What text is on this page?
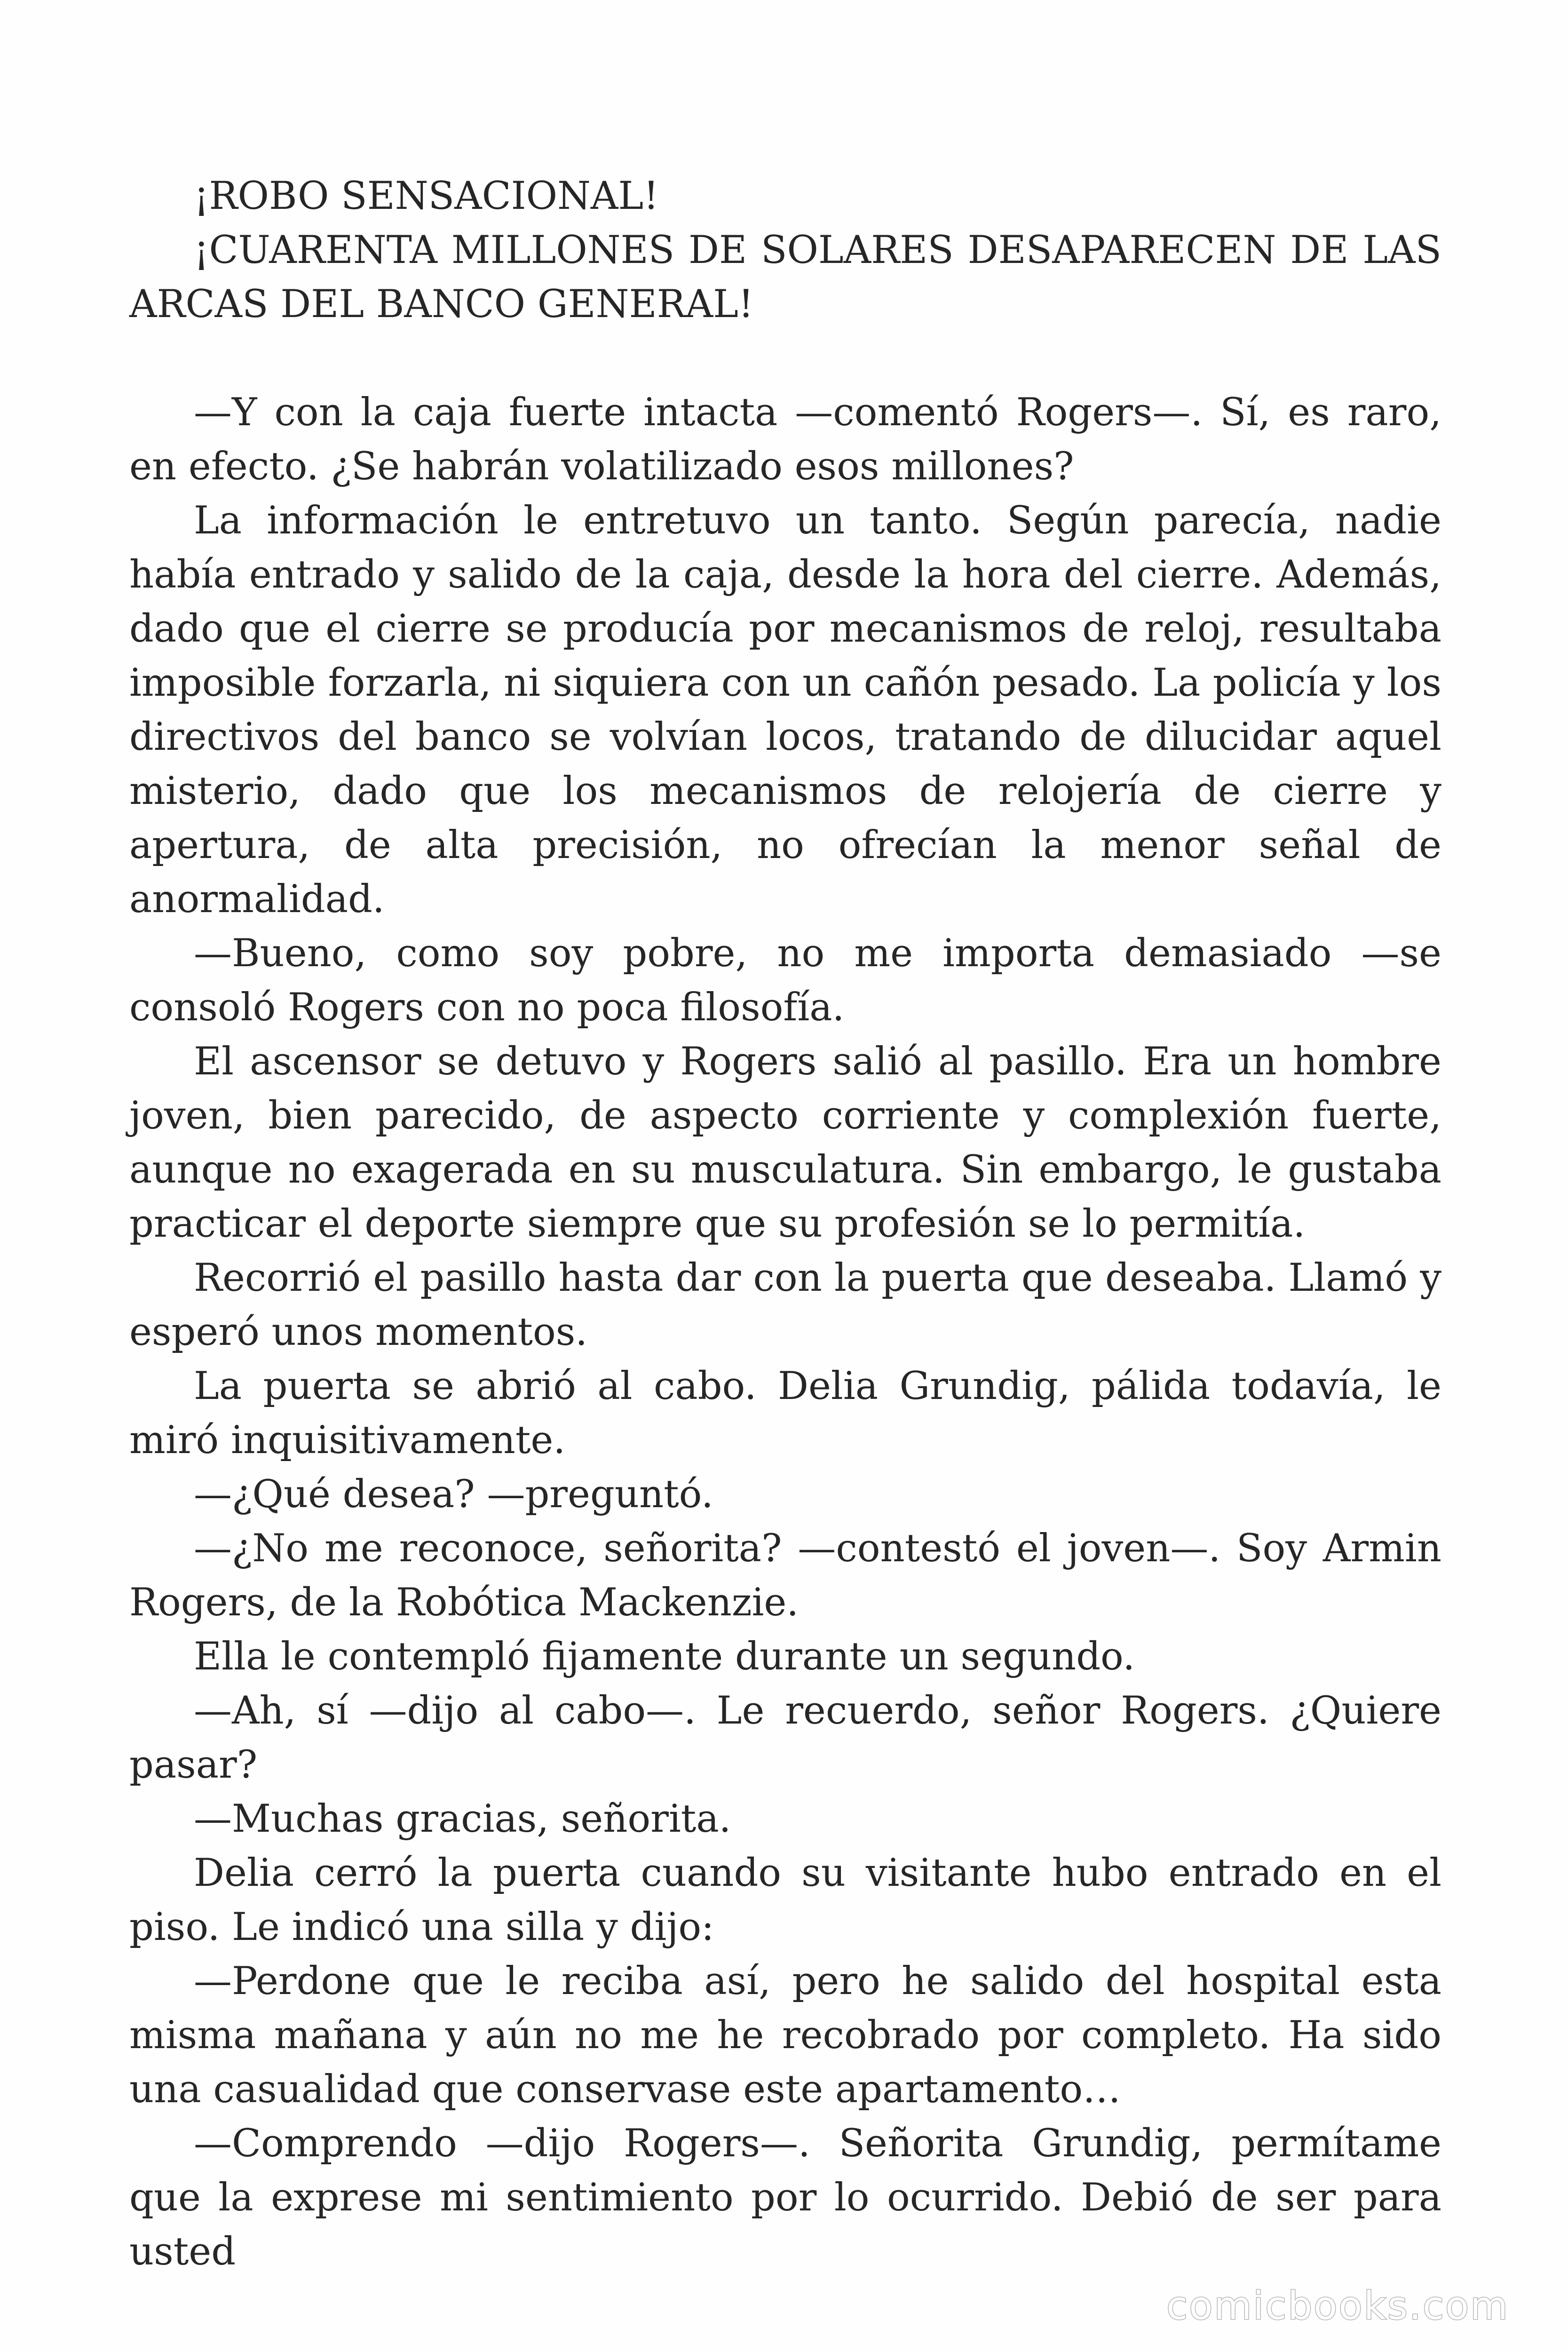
¡ROBO SENSACIONAL!

¡CUARENTA MILLONES DE SOLARES DESAPARECEN DE LAS ARCAS DEL BANCO GENERAL!

—Y con la caja fuerte intacta —comentó Rogers—. Sí, es raro, en efecto. ¿Se habrán volatilizado esos millones?

La información le entretuvo un tanto. Según parecía, nadie había entrado y salido de la caja, desde la hora del cierre. Además, dado que el cierre se producía por mecanismos de reloj, resultaba imposible forzarla, ni siquiera con un cañón pesado. La policía y los directivos del banco se volvían locos, tratando de dilucidar aquel misterio, dado que los mecanismos de relojería de cierre y apertura, de alta precisión, no ofrecían la menor señal de anormalidad.

—Bueno, como soy pobre, no me importa demasiado —se consoló Rogers con no poca filosofía.

El ascensor se detuvo y Rogers salió al pasillo. Era un hombre joven, bien parecido, de aspecto corriente y complexión fuerte, aunque no exagerada en su musculatura. Sin embargo, le gustaba practicar el deporte siempre que su profesión se lo permitía.

Recorrió el pasillo hasta dar con la puerta que deseaba. Llamó y esperó unos momentos.

La puerta se abrió al cabo. Delia Grundig, pálida todavía, le miró inquisitivamente.

—¿Qué desea? —preguntó.

—¿No me reconoce, señorita? —contestó el joven—. Soy Armin Rogers, de la Robótica Mackenzie.

Ella le contempló fijamente durante un segundo.

—Ah, sí —dijo al cabo—. Le recuerdo, señor Rogers. ¿Quiere pasar?

—Muchas gracias, señorita.

Delia cerró la puerta cuando su visitante hubo entrado en el piso. Le indicó una silla y dijo:

—Perdone que le reciba así, pero he salido del hospital esta misma mañana y aún no me he recobrado por completo. Ha sido una casualidad que conservase este apartamento…

—Comprendo —dijo Rogers—. Señorita Grundig, permítame que la exprese mi sentimiento por lo ocurrido. Debió de ser para usted

comicbooks.com
